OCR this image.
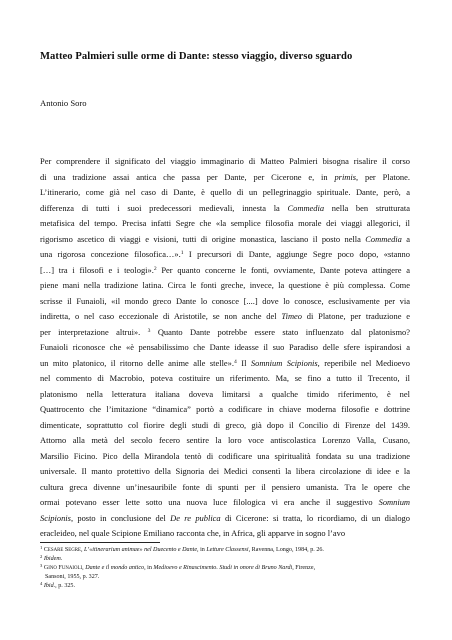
Matteo Palmieri sulle orme di Dante: stesso viaggio, diverso sguardo
Antonio Soro
Per comprendere il significato del viaggio immaginario di Matteo Palmieri bisogna risalire il corso
di una tradizione assai antica che passa per Dante, per Cicerone e, in primis, per Platone.
L’itinerario, come già nel caso di Dante, è quello di un pellegrinaggio spirituale. Dante, però, a
differenza di tutti i suoi predecessori medievali, innesta la Commedia nella ben strutturata
metafisica del tempo. Precisa infatti Segre che «la semplice filosofia morale dei viaggi allegorici, il
rigorismo ascetico di viaggi e visioni, tutti di origine monastica, lasciano il posto nella Commedia a
una rigorosa concezione filosofica…».$^1$ I precursori di Dante, aggiunge Segre poco dopo, «stanno
[…] tra i filosofi e i teologi».$^2$ Per quanto concerne le fonti, ovviamente, Dante poteva attingere a
piene mani nella tradizione latina. Circa le fonti greche, invece, la questione è più complessa. Come
scrisse il Funaioli, «il mondo greco Dante lo conosce [....] dove lo conosce, esclusivamente per via
indiretta, o nel caso eccezionale di Aristotile, se non anche del Timeo di Platone, per traduzione e
per interpretazione altrui». $^3$ Quanto Dante potrebbe essere stato influenzato dal platonismo?
Funaioli riconosce che «è pensabilissimo che Dante ideasse il suo Paradiso delle sfere ispirandosi a
un mito platonico, il ritorno delle anime alle stelle».$^4$ Il Somnium Scipionis, reperibile nel Medioevo
nel commento di Macrobio, poteva costituire un riferimento. Ma, se fino a tutto il Trecento, il
platonismo nella letteratura italiana doveva limitarsi a qualche timido riferimento, è nel
Quattrocento che l’imitazione “dinamica” portò a codificare in chiave moderna filosofie e dottrine
dimenticate, soprattutto col fiorire degli studi di greco, già dopo il Concilio di Firenze del 1439.
Attorno alla metà del secolo fecero sentire la loro voce antiscolastica Lorenzo Valla, Cusano,
Marsilio Ficino. Pico della Mirandola tentò di codificare una spiritualità fondata su una tradizione
universale. Il manto protettivo della Signoria dei Medici consentì la libera circolazione di idee e la
cultura greca divenne un’inesauribile fonte di spunti per il pensiero umanista. Tra le opere che
ormai potevano esser lette sotto una nuova luce filologica vi era anche il suggestivo Somnium
Scipionis, posto in conclusione del De re publica di Cicerone: si tratta, lo ricordiamo, di un dialogo
eracleideo, nel quale Scipione Emiliano racconta che, in Africa, gli apparve in sogno l’avo
$^1$ CESARE SEGRE, L’«itinerarium animae» nel Duecento e Dante, in Letture Classensi, Ravenna, Longo, 1984, p. 26.
$^2$ Ibidem.
$^3$ GINO FUNAIOLI, Dante e il mondo antico, in Medioevo e Rinascimento. Studi in onore di Bruno Nardi, Firenze,
Sansoni, 1955, p. 327.
$^4$ Ibid., p. 325.
